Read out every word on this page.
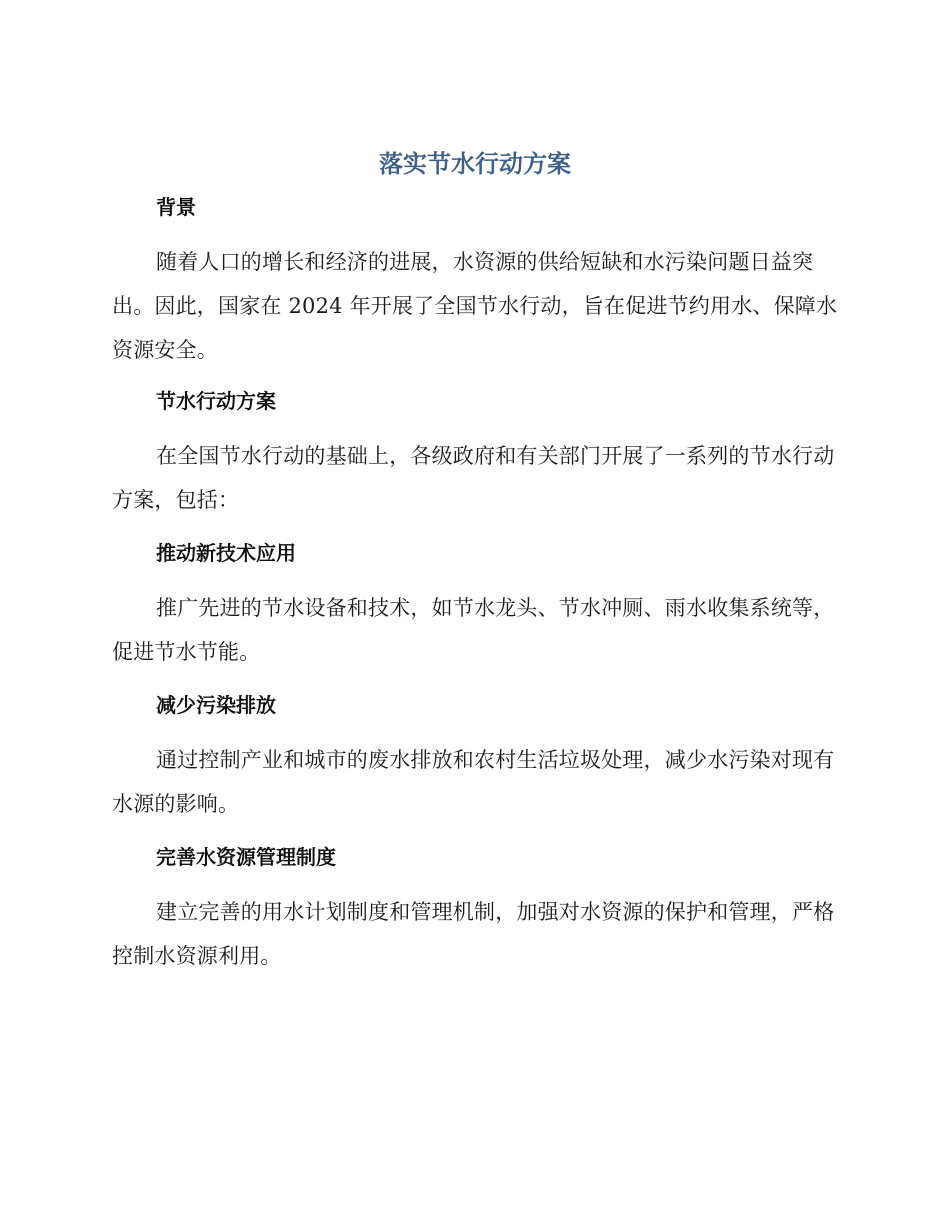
落实节水行动方案
背景

随着人口的增长和经济的进展，水资源的供给短缺和水污染问题日益突出。因此，国家在 2024 年开展了全国节水行动，旨在促进节约用水、保障水资源安全。

节水行动方案

在全国节水行动的基础上，各级政府和有关部门开展了一系列的节水行动方案，包括：

推动新技术应用

推广先进的节水设备和技术，如节水龙头、节水冲厕、雨水收集系统等，促进节水节能。

减少污染排放

通过控制产业和城市的废水排放和农村生活垃圾处理，减少水污染对现有水源的影响。

完善水资源管理制度

建立完善的用水计划制度和管理机制，加强对水资源的保护和管理，严格控制水资源利用。
